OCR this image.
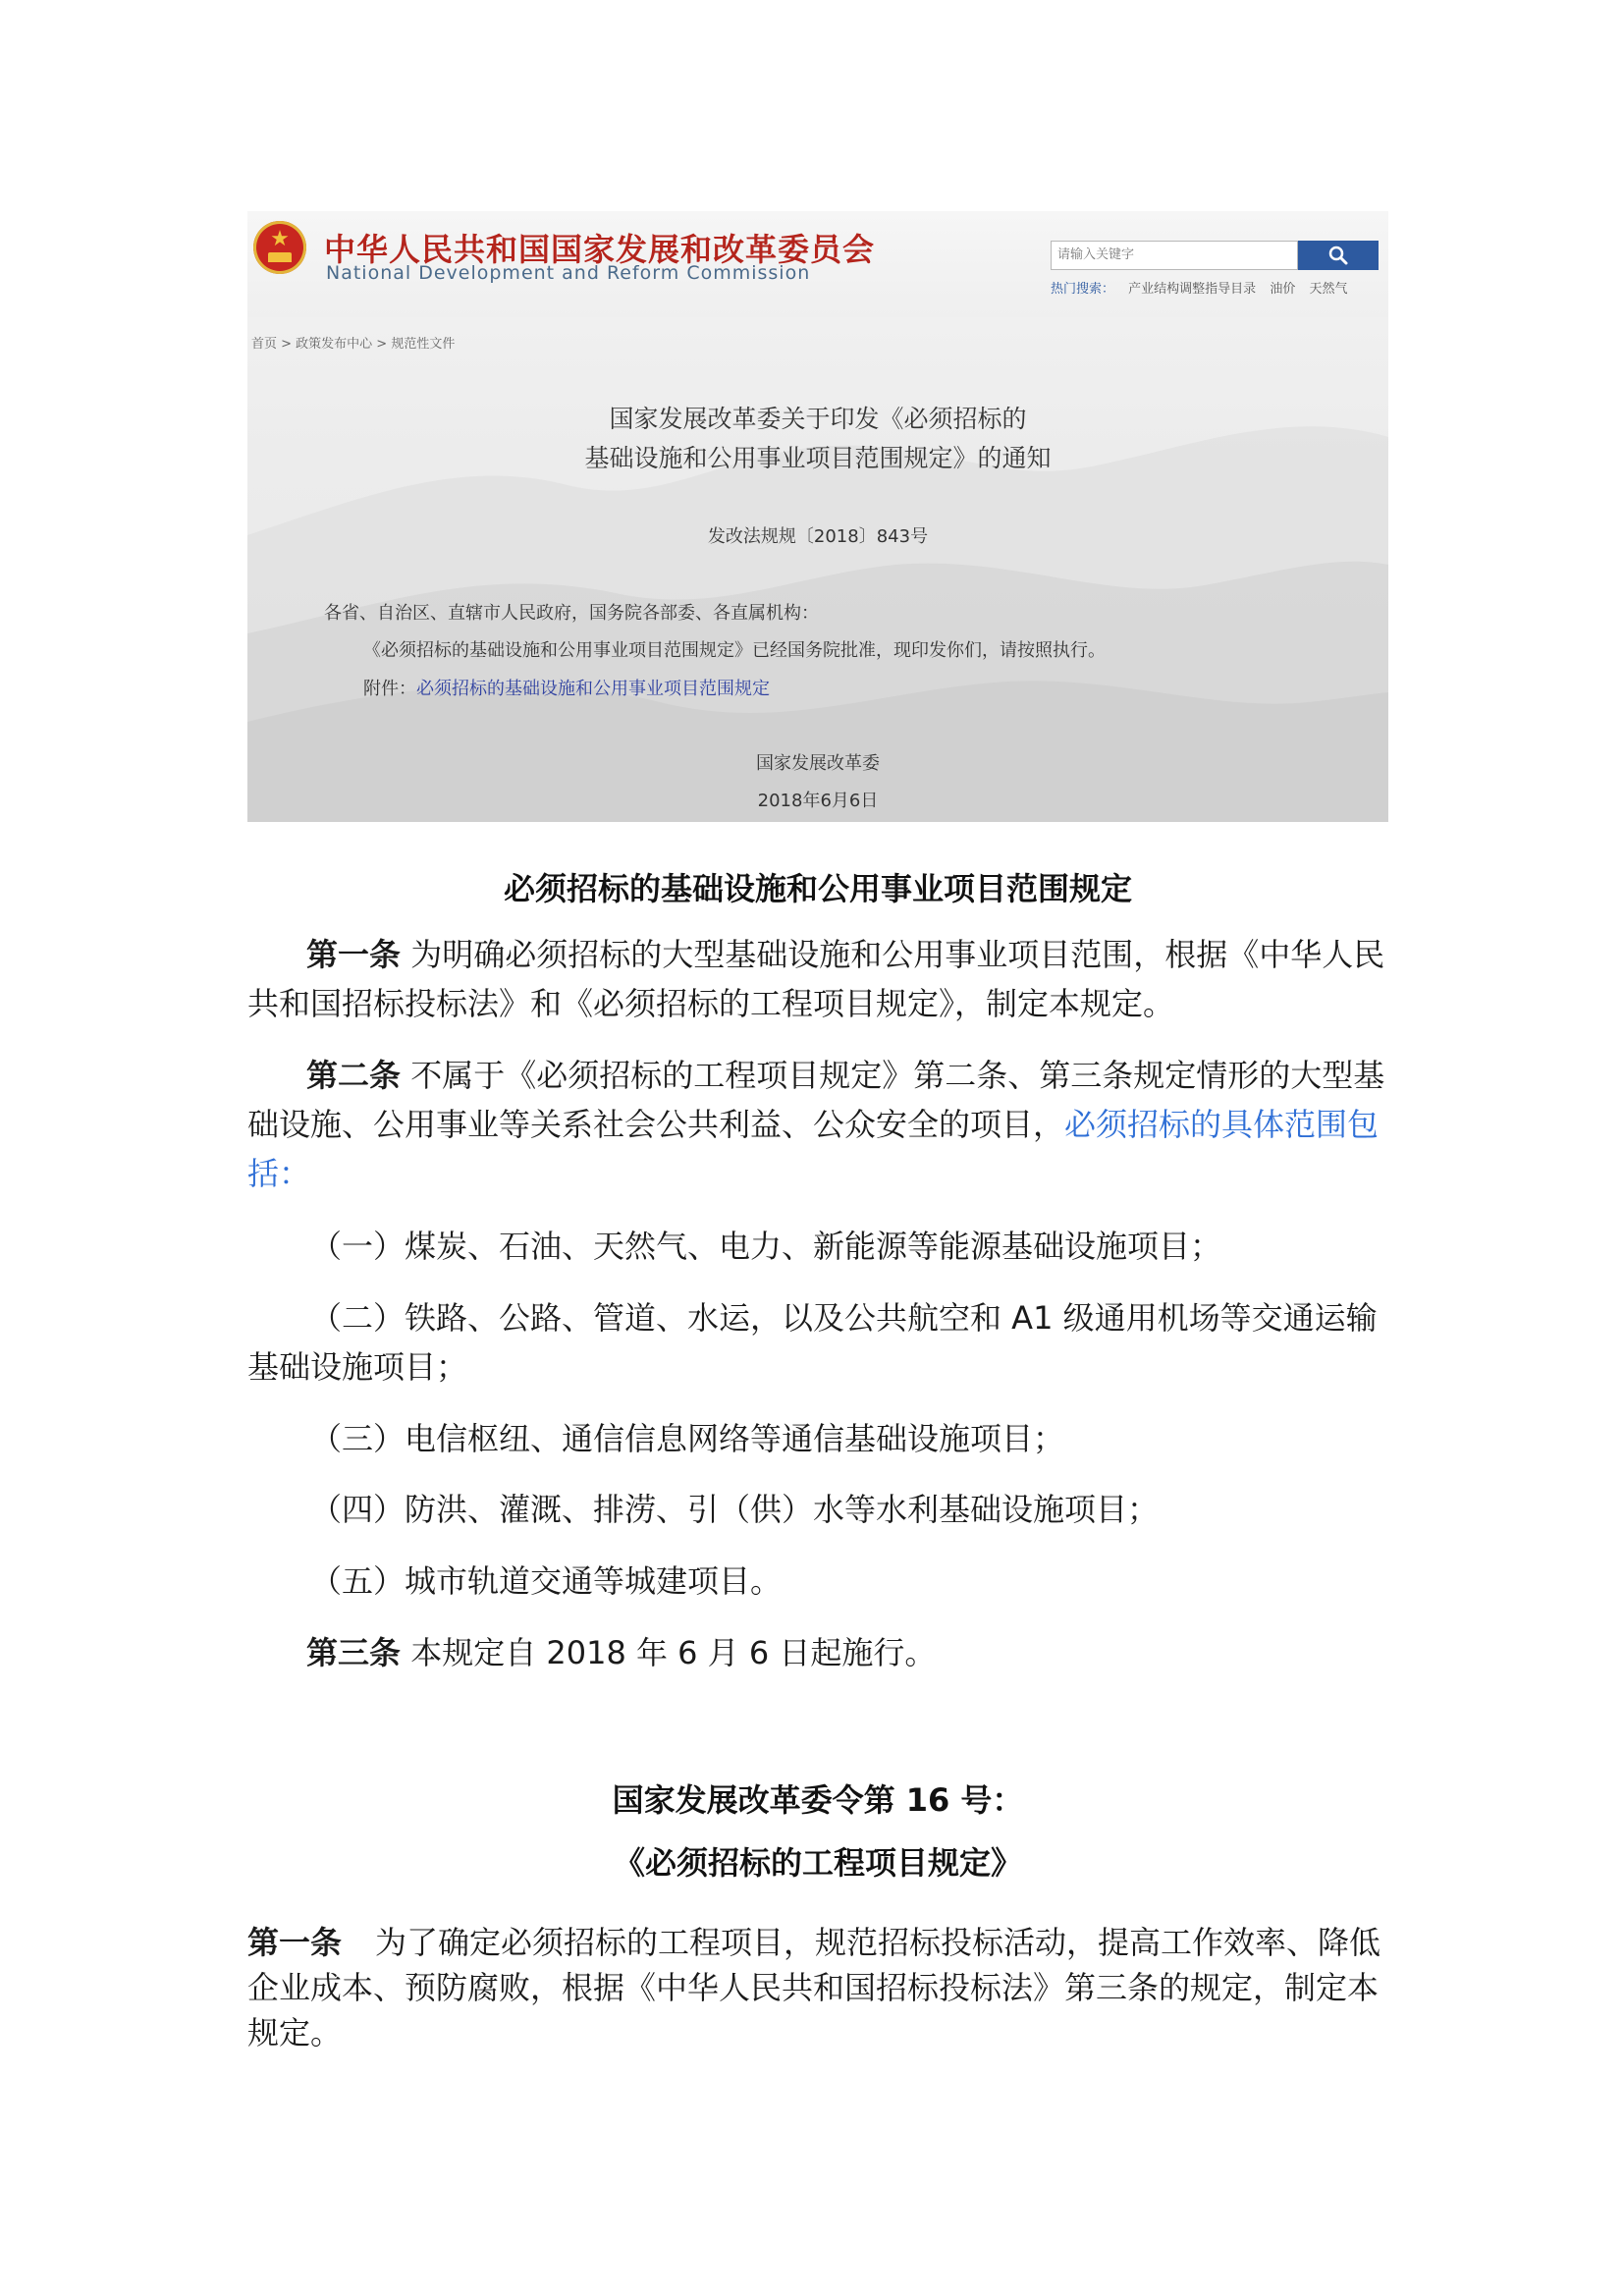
★	中华人民共和国国家发展和改革委员会
National Development and Reform Commission
请输入关键字
热门搜索： 产业结构调整指导目录 油价 天然气
首页 > 政策发布中心 > 规范性文件
国家发展改革委关于印发《必须招标的
基础设施和公用事业项目范围规定》的通知
发改法规规〔2018〕843号
各省、自治区、直辖市人民政府，国务院各部委、各直属机构：
《必须招标的基础设施和公用事业项目范围规定》已经国务院批准，现印发你们，请按照执行。
附件：必须招标的基础设施和公用事业项目范围规定
国家发展改革委
2018年6月6日
必须招标的基础设施和公用事业项目范围规定

第一条 为明确必须招标的大型基础设施和公用事业项目范围，根据《中华人民共和国招标投标法》和《必须招标的工程项目规定》，制定本规定。

第二条 不属于《必须招标的工程项目规定》第二条、第三条规定情形的大型基础设施、公用事业等关系社会公共利益、公众安全的项目，必须招标的具体范围包括：

（一）煤炭、石油、天然气、电力、新能源等能源基础设施项目；

（二）铁路、公路、管道、水运，以及公共航空和 A1 级通用机场等交通运输基础设施项目；

（三）电信枢纽、通信信息网络等通信基础设施项目；
（四）防洪、灌溉、排涝、引（供）水等水利基础设施项目；
（五）城市轨道交通等城建项目。

第三条 本规定自 2018 年 6 月 6 日起施行。

国家发展改革委令第 16 号：
《必须招标的工程项目规定》

第一条 为了确定必须招标的工程项目，规范招标投标活动，提高工作效率、降低企业成本、预防腐败，根据《中华人民共和国招标投标法》第三条的规定，制定本规定。
